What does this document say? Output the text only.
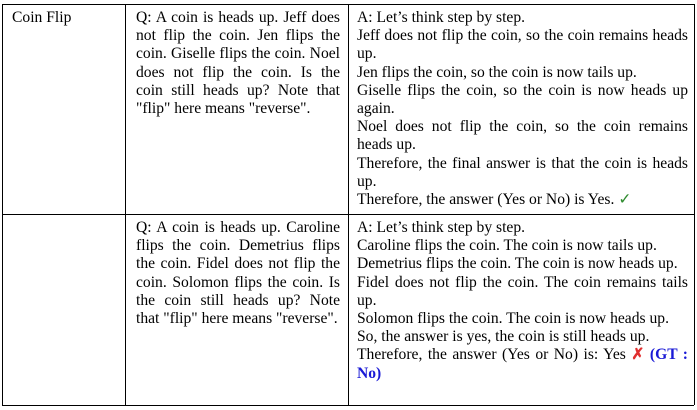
Coin Flip	Q: A coin is heads up. Jeff does not flip the coin. Jen flips the coin. Giselle flips the coin. Noel does not flip the coin. Is the coin still heads up? Note that "flip" here means "reverse".
A: Let’s think step by step.
Jeff does not flip the coin, so the coin remains heads up.
Jen flips the coin, so the coin is now tails up.
Giselle flips the coin, so the coin is now heads up again.
Noel does not flip the coin, so the coin remains heads up.
Therefore, the final answer is that the coin is heads up.
Therefore, the answer (Yes or No) is Yes. ✓
Q: A coin is heads up. Caroline flips the coin. Demetrius flips the coin. Fidel does not flip the coin. Solomon flips the coin. Is the coin still heads up? Note that "flip" here means "reverse".
A: Let’s think step by step.
Caroline flips the coin. The coin is now tails up.
Demetrius flips the coin. The coin is now heads up.
Fidel does not flip the coin. The coin remains tails up.
Solomon flips the coin. The coin is now heads up.
So, the answer is yes, the coin is still heads up.
Therefore, the answer (Yes or No) is: Yes ✗ (GT : No)
